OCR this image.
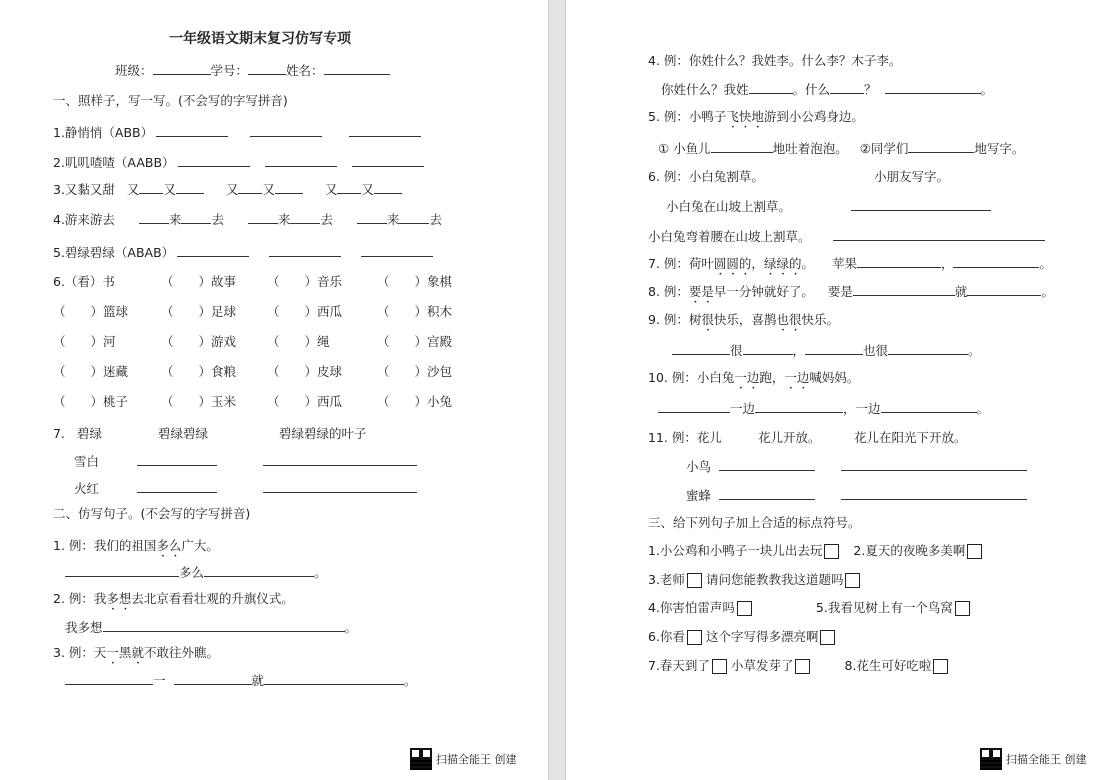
一年级语文期末复习仿写专项
班级：	学号：	姓名：
一、照样子，写一写。(不会写的字写拼音)
1.静悄悄（ABB）
2.叽叽喳喳（AABB）
3.又黏又甜 又 又	又 又	又 又
4.游来游去	来 去	来 去	来 去
5.碧绿碧绿（ABAB）
6.（看）书	（　　）故事 （　　）音乐	（　　）象棋
（　　）篮球	（　　）足球 （　　）西瓜	（　　）积木
（　　）河	（　　）游戏 （　　）绳	（　　）宫殿
（　　）迷藏	（　　）食粮 （　　）皮球	（　　）沙包
（　　）桃子	（　　）玉米 （　　）西瓜	（　　）小兔
7. 碧绿	碧绿碧绿	碧绿碧绿的叶子
雪白
火红
二、仿写句子。(不会写的字写拼音)
1. 例：我们的祖国多么广大。
多么	。
2. 例：我多想去北京看看壮观的升旗仪式。
我多想	。
3. 例：天一黑就不敢往外瞧。
一	就	。
扫描全能王 创建
4. 例：你姓什么？我姓李。什么李？木子李。
你姓什么？我姓	。什么	？	。
5. 例：小鸭子飞快地游到小公鸡身边。
① 小鱼儿	地吐着泡泡。 ②同学们	地写字。
6. 例：小白兔割草。	小朋友写字。
小白兔在山坡上割草。
小白兔弯着腰在山坡上割草。
7. 例：荷叶圆圆的，绿绿的。 苹果	，	。
8. 例：要是早一分钟就好了。 要是	就	。
9. 例：树很快乐，喜鹊也很快乐。
很	，	也很	。
10. 例：小白兔一边跑，一边喊妈妈。
一边	，一边	。
11. 例：花儿	花儿开放。	花儿在阳光下开放。
小鸟
蜜蜂
三、给下列句子加上合适的标点符号。
1.小公鸡和小鸭子一块儿出去玩 2.夏天的夜晚多美啊
3.老师 请问您能教教我这道题吗
4.你害怕雷声吗	5.我看见树上有一个鸟窝
6.你看 这个字写得多漂亮啊
7.春天到了 小草发芽了	8.花生可好吃啦
扫描全能王 创建
